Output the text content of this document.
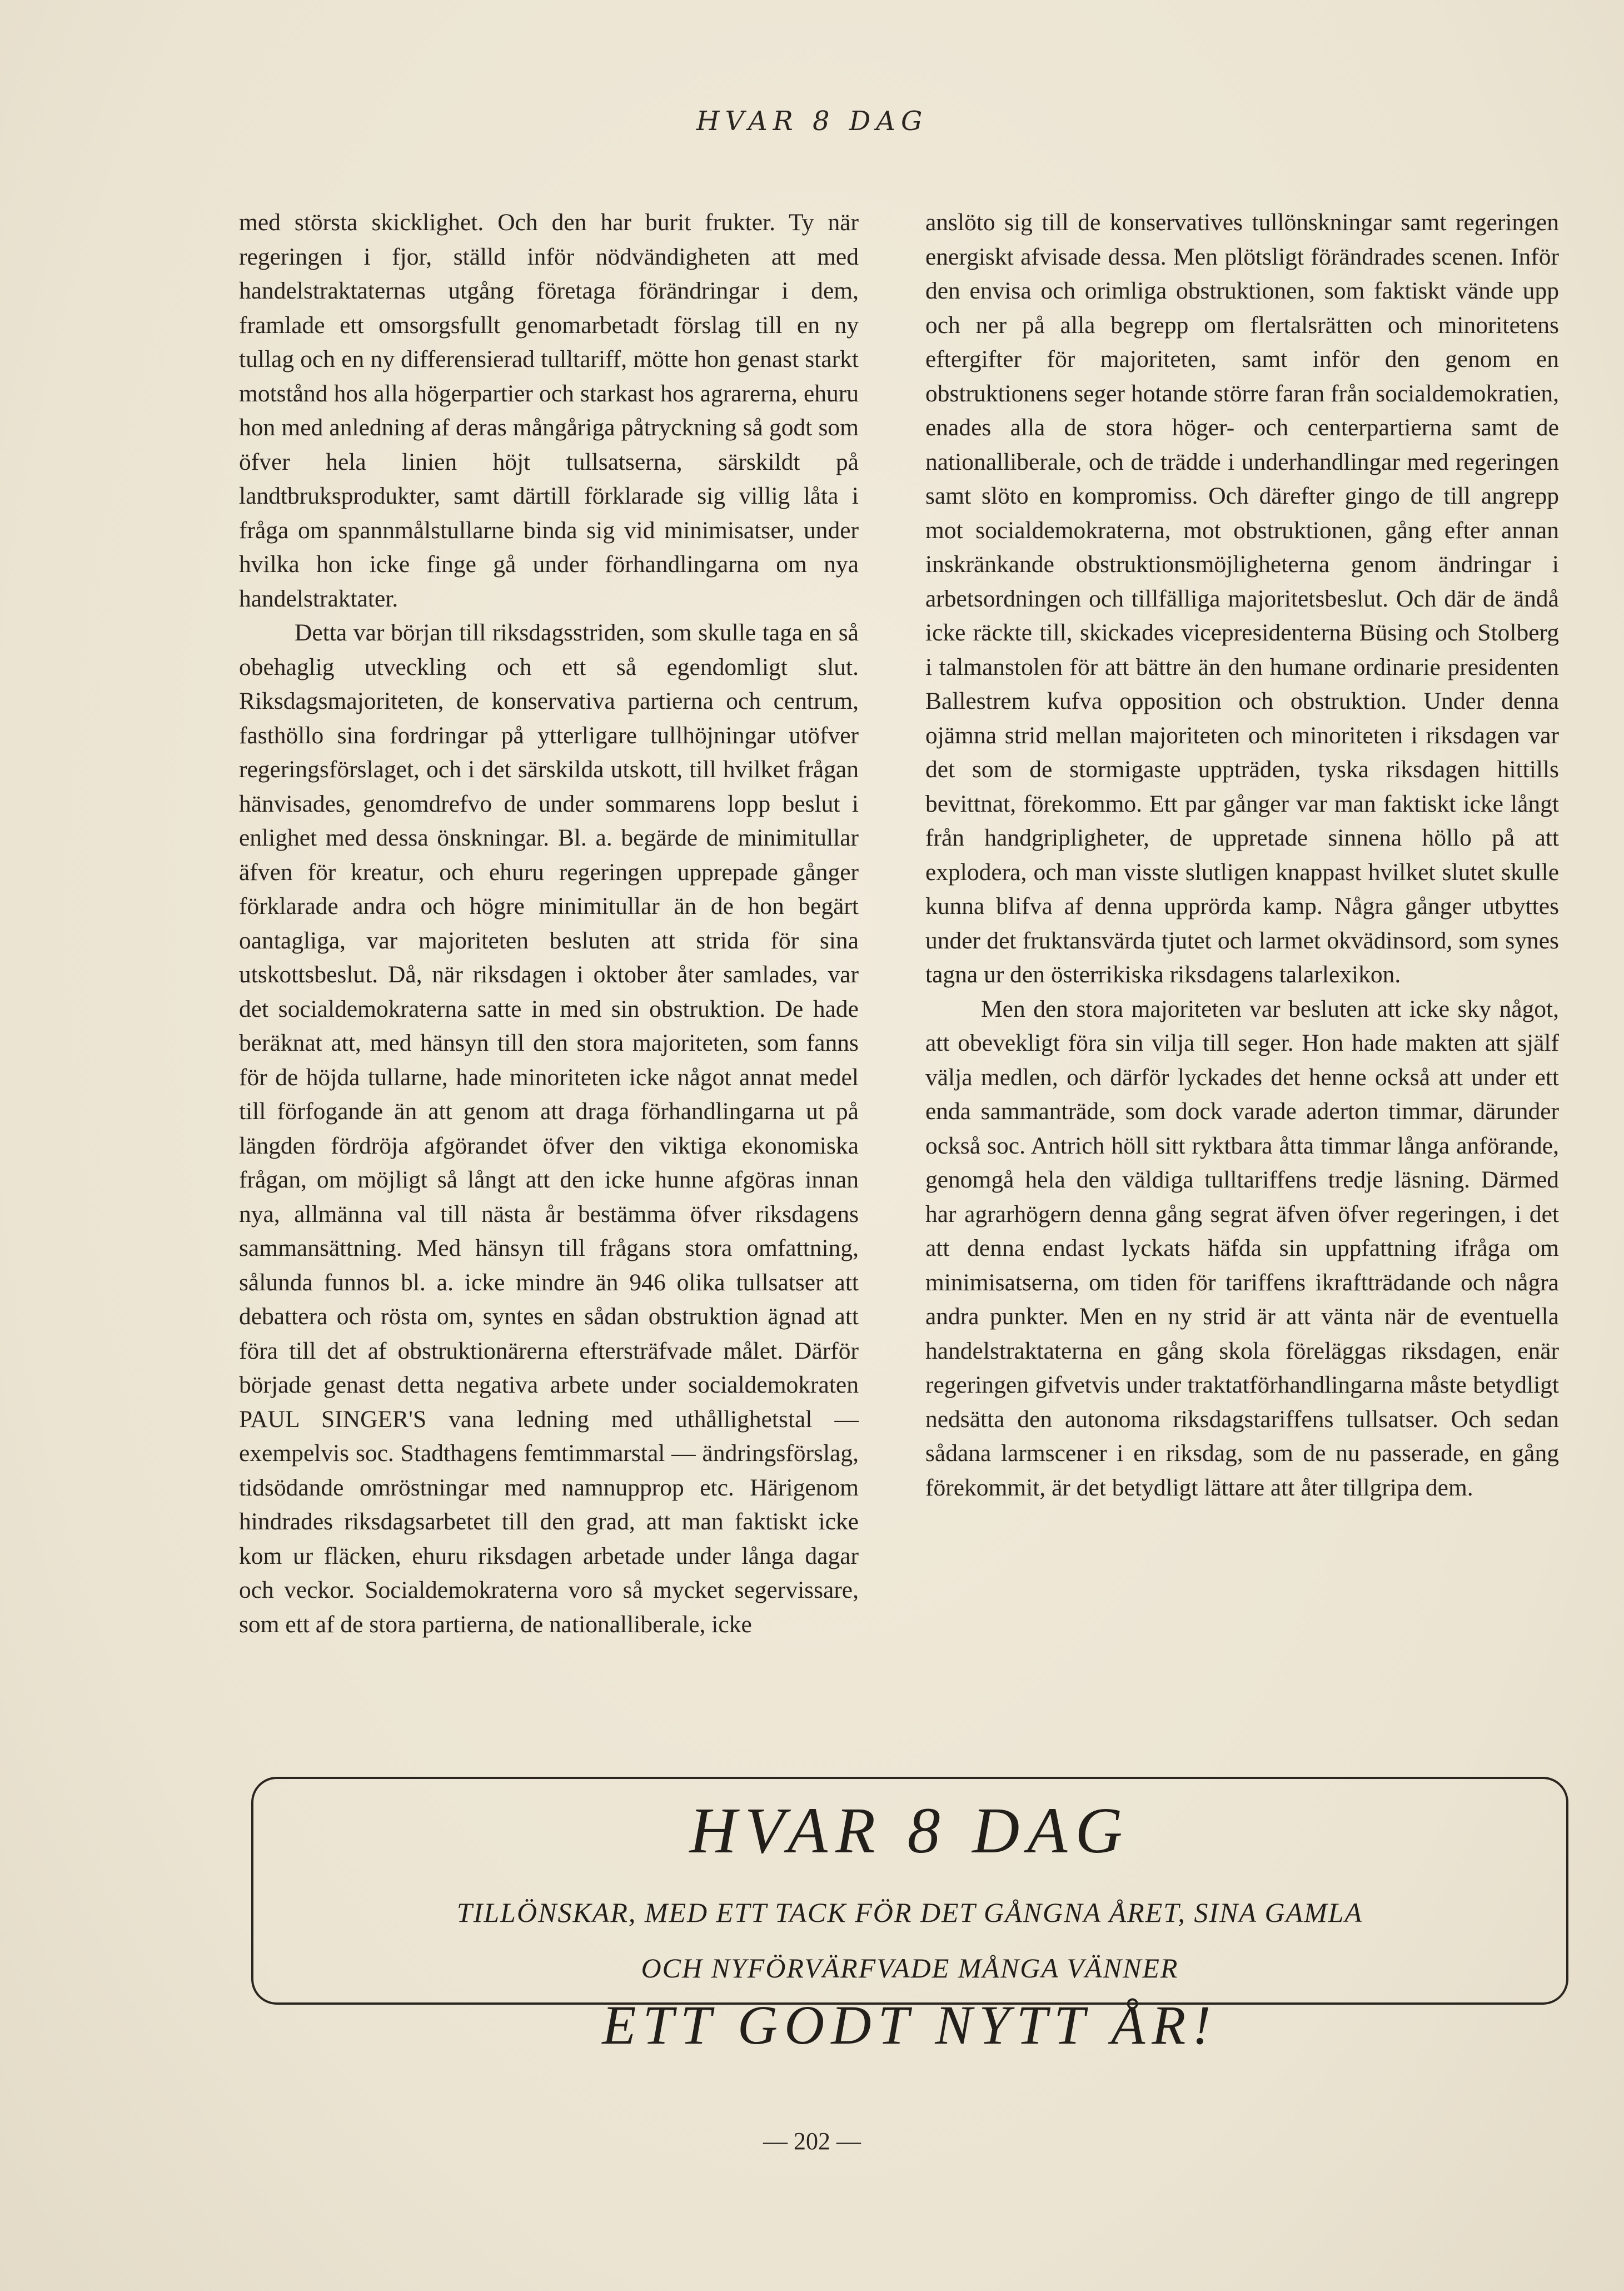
HVAR 8 DAG

med största skicklighet. Och den har burit frukter. Ty när regeringen i fjor, ställd inför nödvändigheten att med handelstraktaternas utgång företaga förändringar i dem, framlade ett omsorgsfullt genomarbetadt förslag till en ny tullag och en ny differensierad tulltariff, mötte hon genast starkt motstånd hos alla högerpartier och starkast hos agrarerna, ehuru hon med anledning af deras mångåriga påtryckning så godt som öfver hela linien höjt tullsatserna, särskildt på landtbruksprodukter, samt därtill förklarade sig villig låta i fråga om spannmålstullarne binda sig vid minimisatser, under hvilka hon icke finge gå under förhandlingarna om nya handelstraktater.

Detta var början till riksdagsstriden, som skulle taga en så obehaglig utveckling och ett så egendomligt slut. Riksdagsmajoriteten, de konservativa partierna och centrum, fasthöllo sina fordringar på ytterligare tullhöjningar utöfver regeringsförslaget, och i det särskilda utskott, till hvilket frågan hänvisades, genomdrefvo de under sommarens lopp beslut i enlighet med dessa önskningar. Bl. a. begärde de minimitullar äfven för kreatur, och ehuru regeringen upprepade gånger förklarade andra och högre minimitullar än de hon begärt oantagliga, var majoriteten besluten att strida för sina utskottsbeslut. Då, när riksdagen i oktober åter samlades, var det socialdemokraterna satte in med sin obstruktion. De hade beräknat att, med hänsyn till den stora majoriteten, som fanns för de höjda tullarne, hade minoriteten icke något annat medel till förfogande än att genom att draga förhandlingarna ut på längden fördröja afgörandet öfver den viktiga ekonomiska frågan, om möjligt så långt att den icke hunne afgöras innan nya, allmänna val till nästa år bestämma öfver riksdagens sammansättning. Med hänsyn till frågans stora omfattning, sålunda funnos bl. a. icke mindre än 946 olika tullsatser att debattera och rösta om, syntes en sådan obstruktion ägnad att föra till det af obstruktionärerna eftersträfvade målet. Därför började genast detta negativa arbete under socialdemokraten PAUL SINGER'S vana ledning med uthållighetstal — exempelvis soc. Stadthagens femtimmarstal — ändringsförslag, tidsödande omröstningar med namnupprop etc. Härigenom hindrades riksdagsarbetet till den grad, att man faktiskt icke kom ur fläcken, ehuru riksdagen arbetade under långa dagar och veckor. Socialdemokraterna voro så mycket segervissare, som ett af de stora partierna, de nationalliberale, icke

anslöto sig till de konservatives tullönskningar samt regeringen energiskt afvisade dessa. Men plötsligt förändrades scenen. Inför den envisa och orimliga obstruktionen, som faktiskt vände upp och ner på alla begrepp om flertalsrätten och minoritetens eftergifter för majoriteten, samt inför den genom en obstruktionens seger hotande större faran från socialdemokratien, enades alla de stora höger- och centerpartierna samt de nationalliberale, och de trädde i underhandlingar med regeringen samt slöto en kompromiss. Och därefter gingo de till angrepp mot socialdemokraterna, mot obstruktionen, gång efter annan inskränkande obstruktionsmöjligheterna genom ändringar i arbetsordningen och tillfälliga majoritetsbeslut. Och där de ändå icke räckte till, skickades vicepresidenterna Büsing och Stolberg i talmanstolen för att bättre än den humane ordinarie presidenten Ballestrem kufva opposition och obstruktion. Under denna ojämna strid mellan majoriteten och minoriteten i riksdagen var det som de stormigaste uppträden, tyska riksdagen hittills bevittnat, förekommo. Ett par gånger var man faktiskt icke långt från handgripligheter, de uppretade sinnena höllo på att explodera, och man visste slutligen knappast hvilket slutet skulle kunna blifva af denna upprörda kamp. Några gånger utbyttes under det fruktansvärda tjutet och larmet okvädinsord, som synes tagna ur den österrikiska riksdagens talarlexikon.

Men den stora majoriteten var besluten att icke sky något, att obevekligt föra sin vilja till seger. Hon hade makten att själf välja medlen, och därför lyckades det henne också att under ett enda sammanträde, som dock varade aderton timmar, därunder också soc. Antrich höll sitt ryktbara åtta timmar långa anförande, genomgå hela den väldiga tulltariffens tredje läsning. Därmed har agrarhögern denna gång segrat äfven öfver regeringen, i det att denna endast lyckats häfda sin uppfattning ifråga om minimisatserna, om tiden för tariffens ikraftträdande och några andra punkter. Men en ny strid är att vänta när de eventuella handelstraktaterna en gång skola föreläggas riksdagen, enär regeringen gifvetvis under traktatförhandlingarna måste betydligt nedsätta den autonoma riksdagstariffens tullsatser. Och sedan sådana larmscener i en riksdag, som de nu passerade, en gång förekommit, är det betydligt lättare att åter tillgripa dem.

HVAR 8 DAG
TILLÖNSKAR, MED ETT TACK FÖR DET GÅNGNA ÅRET, SINA GAMLA
OCH NYFÖRVÄRFVADE MÅNGA VÄNNER
ETT GODT NYTT ÅR!
— 202 —
